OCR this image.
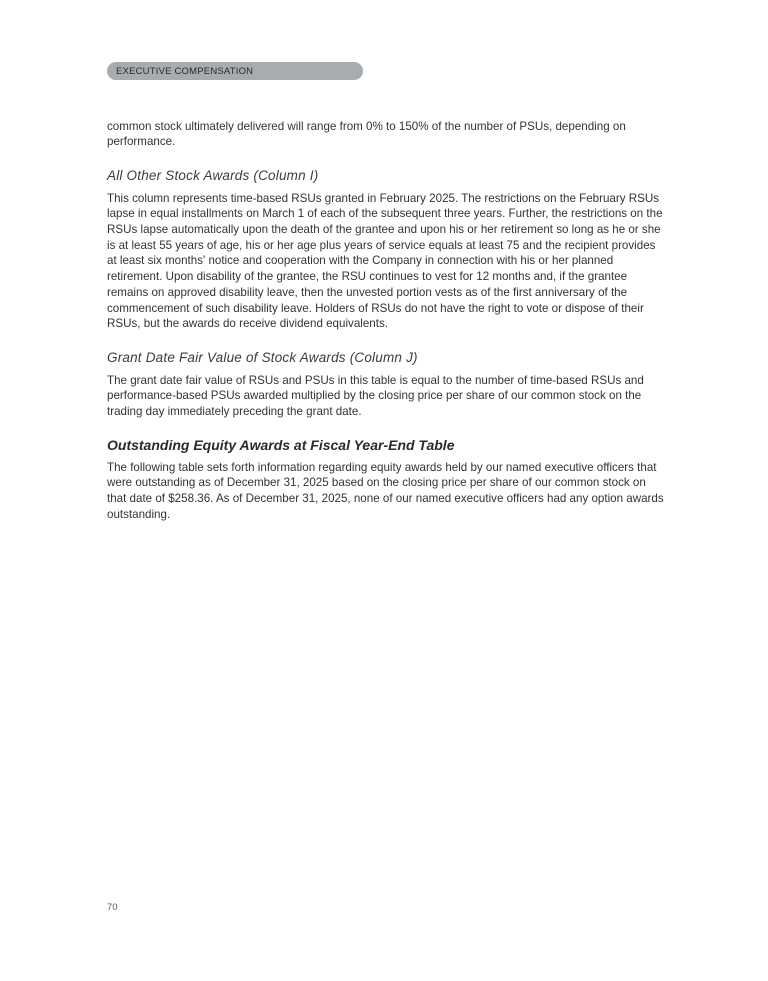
EXECUTIVE COMPENSATION

common stock ultimately delivered will range from 0% to 150% of the number of PSUs, depending on performance.

All Other Stock Awards (Column I)

This column represents time-based RSUs granted in February 2025. The restrictions on the February RSUs lapse in equal installments on March 1 of each of the subsequent three years. Further, the restrictions on the RSUs lapse automatically upon the death of the grantee and upon his or her retirement so long as he or she is at least 55 years of age, his or her age plus years of service equals at least 75 and the recipient provides at least six months' notice and cooperation with the Company in connection with his or her planned retirement. Upon disability of the grantee, the RSU continues to vest for 12 months and, if the grantee remains on approved disability leave, then the unvested portion vests as of the first anniversary of the commencement of such disability leave. Holders of RSUs do not have the right to vote or dispose of their RSUs, but the awards do receive dividend equivalents.

Grant Date Fair Value of Stock Awards (Column J)

The grant date fair value of RSUs and PSUs in this table is equal to the number of time-based RSUs and performance-based PSUs awarded multiplied by the closing price per share of our common stock on the trading day immediately preceding the grant date.

Outstanding Equity Awards at Fiscal Year-End Table

The following table sets forth information regarding equity awards held by our named executive officers that were outstanding as of December 31, 2025 based on the closing price per share of our common stock on that date of $258.36. As of December 31, 2025, none of our named executive officers had any option awards outstanding.

70
